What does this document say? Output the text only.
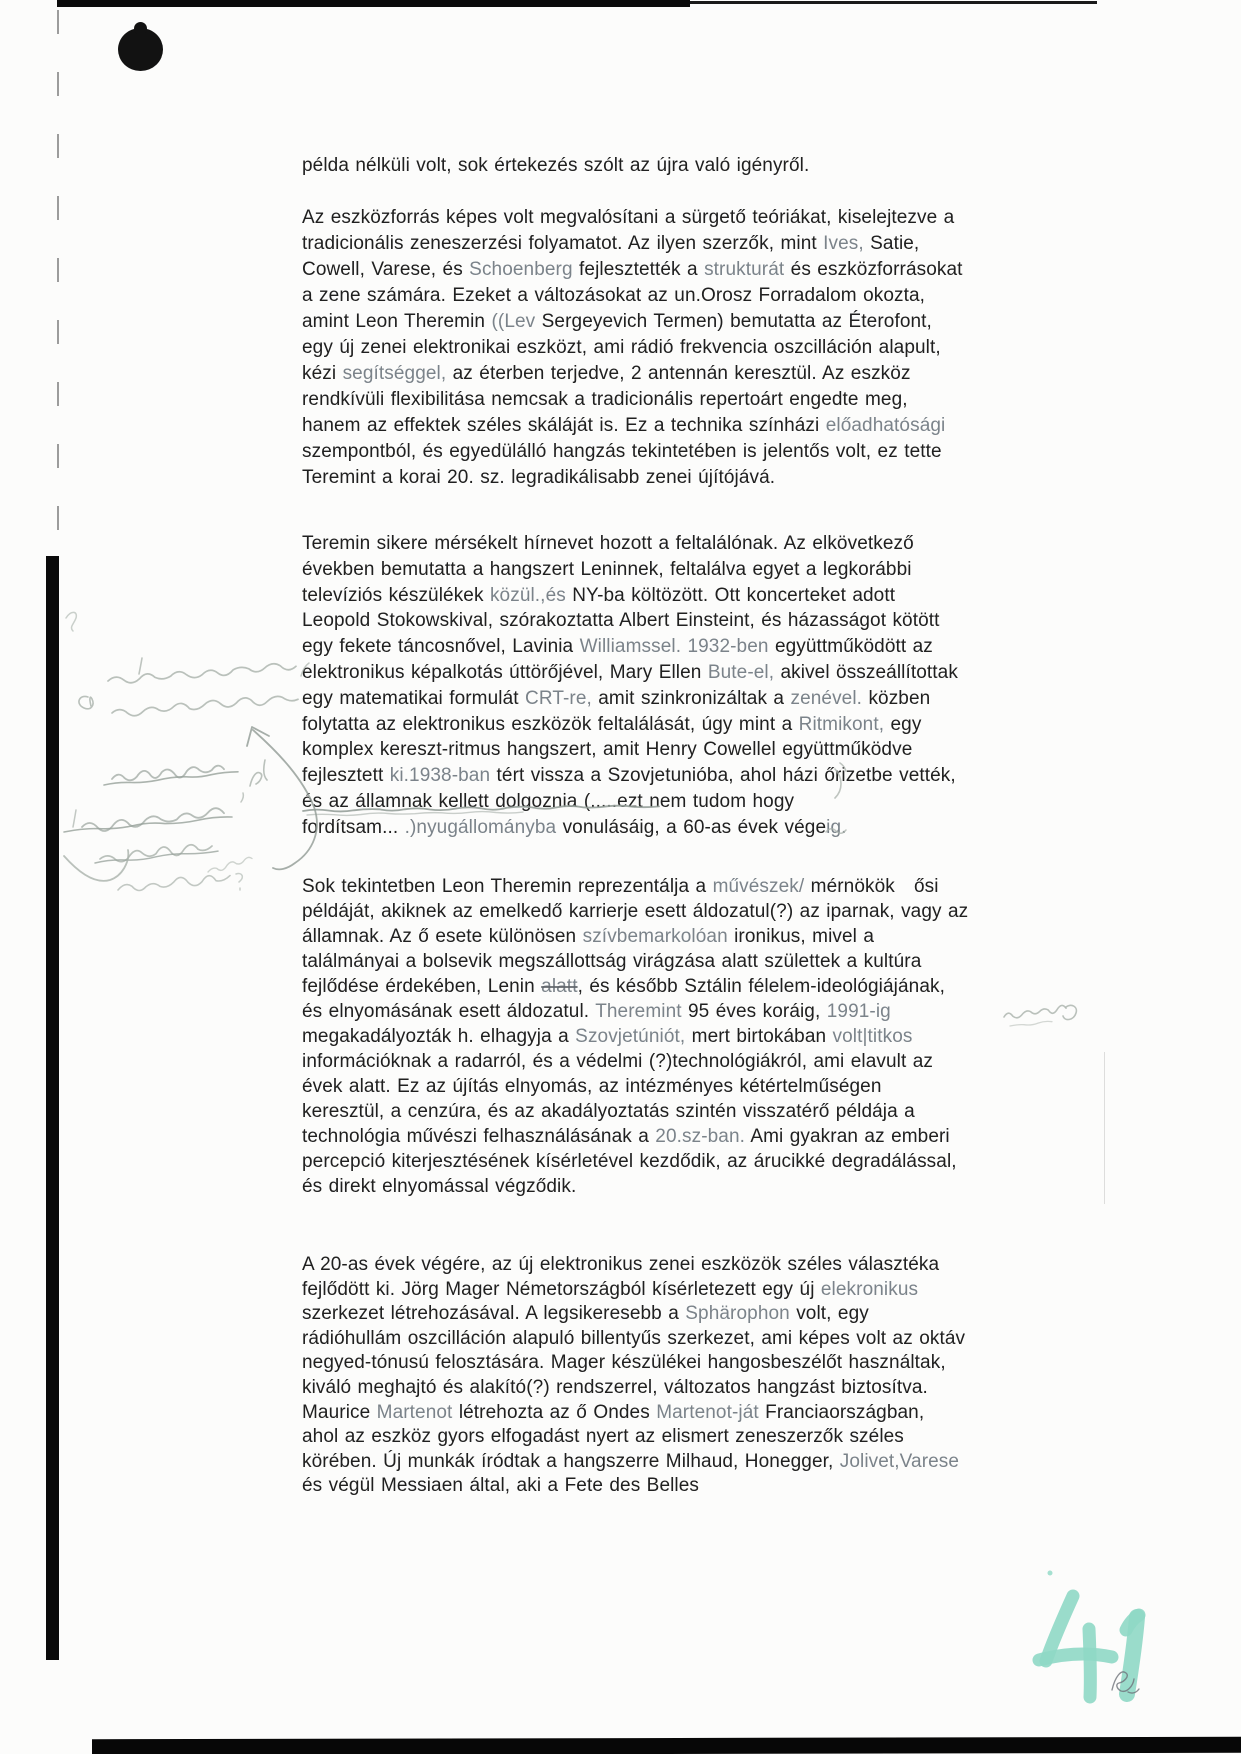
példa nélküli volt, sok értekezés szólt az újra való igényről.
Az eszközforrás képes volt megvalósítani a sürgető teóriákat, kiselejtezve a
tradicionális zeneszerzési folyamatot. Az ilyen szerzők, mint Ives, Satie,
Cowell, Varese, és Schoenberg fejlesztették a strukturát és eszközforrásokat
a zene számára. Ezeket a változásokat az un.Orosz Forradalom okozta,
amint Leon Theremin ((Lev Sergeyevich Termen) bemutatta az Éterofont,
egy új zenei elektronikai eszközt, ami rádió frekvencia oszcilláción alapult,
kézi segítséggel, az éterben terjedve, 2 antennán keresztül. Az eszköz
rendkívüli flexibilitása nemcsak a tradicionális repertoárt engedte meg,
hanem az effektek széles skáláját is. Ez a technika színházi előadhatósági
szempontból, és egyedülálló hangzás tekintetében is jelentős volt, ez tette
Teremint a korai 20. sz. legradikálisabb zenei újítójává.
Teremin sikere mérsékelt hírnevet hozott a feltalálónak. Az elkövetkező
években bemutatta a hangszert Leninnek, feltalálva egyet a legkorábbi
televíziós készülékek közül.,és NY-ba költözött. Ott koncerteket adott
Leopold Stokowskival, szórakoztatta Albert Einsteint, és házasságot kötött
egy fekete táncosnővel, Lavinia Williamssel. 1932-ben együttműködött az
elektronikus képalkotás úttörőjével, Mary Ellen Bute-el, akivel összeállítottak
egy matematikai formulát CRT-re, amit szinkronizáltak a zenével. közben
folytatta az elektronikus eszközök feltalálását, úgy mint a Ritmikont, egy
komplex kereszt-ritmus hangszert, amit Henry Cowellel együttműködve
fejlesztett ki.1938-ban tért vissza a Szovjetunióba, ahol házi őrizetbe vették,
és az államnak kellett dolgoznia (.....ezt nem tudom hogy
fordítsam... .)nyugállományba vonulásáig, a 60-as évek végeig.
Sok tekintetben Leon Theremin reprezentálja a művészek/ mérnökök   ősi
példáját, akiknek az emelkedő karrierje esett áldozatul(?) az iparnak, vagy az
államnak. Az ő esete különösen szívbemarkolóan ironikus, mivel a
találmányai a bolsevik megszállottság virágzása alatt születtek a kultúra
fejlődése érdekében, Lenin alatt, és később Sztálin félelem-ideológiájának,
és elnyomásának esett áldozatul. Theremint 95 éves koráig, 1991-ig
megakadályozták h. elhagyja a Szovjetúniót, mert birtokában volt|titkos
információknak a radarról, és a védelmi (?)technológiákról, ami elavult az
évek alatt. Ez az újítás elnyomás, az intézményes kétértelműségen
keresztül, a cenzúra, és az akadályoztatás szintén visszatérő példája a
technológia művészi felhasználásának a 20.sz-ban. Ami gyakran az emberi
percepció kiterjesztésének kísérletével kezdődik, az árucikké degradálással,
és direkt elnyomással végződik.
A 20-as évek végére, az új elektronikus zenei eszközök széles választéka
fejlődött ki. Jörg Mager Németországból kísérletezett egy új elekronikus
szerkezet létrehozásával. A legsikeresebb a Sphärophon volt, egy
rádióhullám oszcilláción alapuló billentyűs szerkezet, ami képes volt az oktáv
negyed-tónusú felosztására. Mager készülékei hangosbeszélőt használtak,
kiváló meghajtó és alakító(?) rendszerrel, változatos hangzást biztosítva.
Maurice Martenot létrehozta az ő Ondes Martenot-ját Franciaországban,
ahol az eszköz gyors elfogadást nyert az elismert zeneszerzők széles
körében. Új munkák íródtak a hangszerre Milhaud, Honegger, Jolivet,Varese
és végül Messiaen által, aki a Fete des Belles
